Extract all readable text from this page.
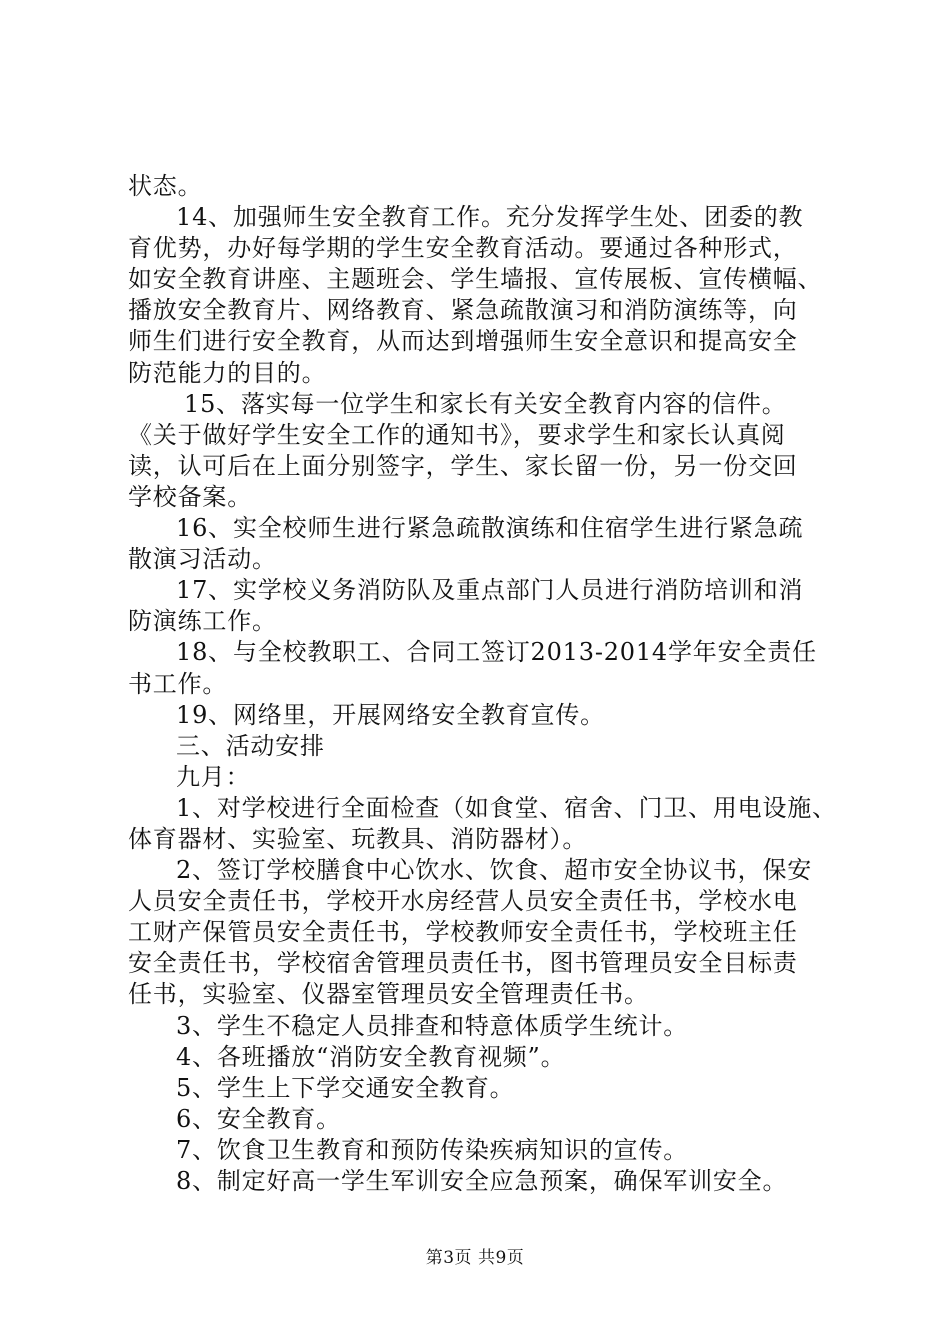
状态。
14、加强师生安全教育工作。充分发挥学生处、团委的教
育优势，办好每学期的学生安全教育活动。要通过各种形式，
如安全教育讲座、主题班会、学生墙报、宣传展板、宣传横幅、
播放安全教育片、网络教育、紧急疏散演习和消防演练等，向
师生们进行安全教育，从而达到增强师生安全意识和提高安全
防范能力的目的。
15、落实每一位学生和家长有关安全教育内容的信件。
《关于做好学生安全工作的通知书》，要求学生和家长认真阅
读，认可后在上面分别签字，学生、家长留一份，另一份交回
学校备案。
16、实全校师生进行紧急疏散演练和住宿学生进行紧急疏
散演习活动。
17、实学校义务消防队及重点部门人员进行消防培训和消
防演练工作。
18、与全校教职工、合同工签订2013-2014学年安全责任
书工作。
19、网络里，开展网络安全教育宣传。
三、活动安排
九月：
1、对学校进行全面检查（如食堂、宿舍、门卫、用电设施、
体育器材、实验室、玩教具、消防器材）。
2、签订学校膳食中心饮水、饮食、超市安全协议书，保安
人员安全责任书，学校开水房经营人员安全责任书，学校水电
工财产保管员安全责任书，学校教师安全责任书，学校班主任
安全责任书，学校宿舍管理员责任书，图书管理员安全目标责
任书，实验室、仪器室管理员安全管理责任书。
3、学生不稳定人员排查和特意体质学生统计。
4、各班播放“消防安全教育视频”。
5、学生上下学交通安全教育。
6、安全教育。
7、饮食卫生教育和预防传染疾病知识的宣传。
8、制定好高一学生军训安全应急预案，确保军训安全。
第3页 共9页
